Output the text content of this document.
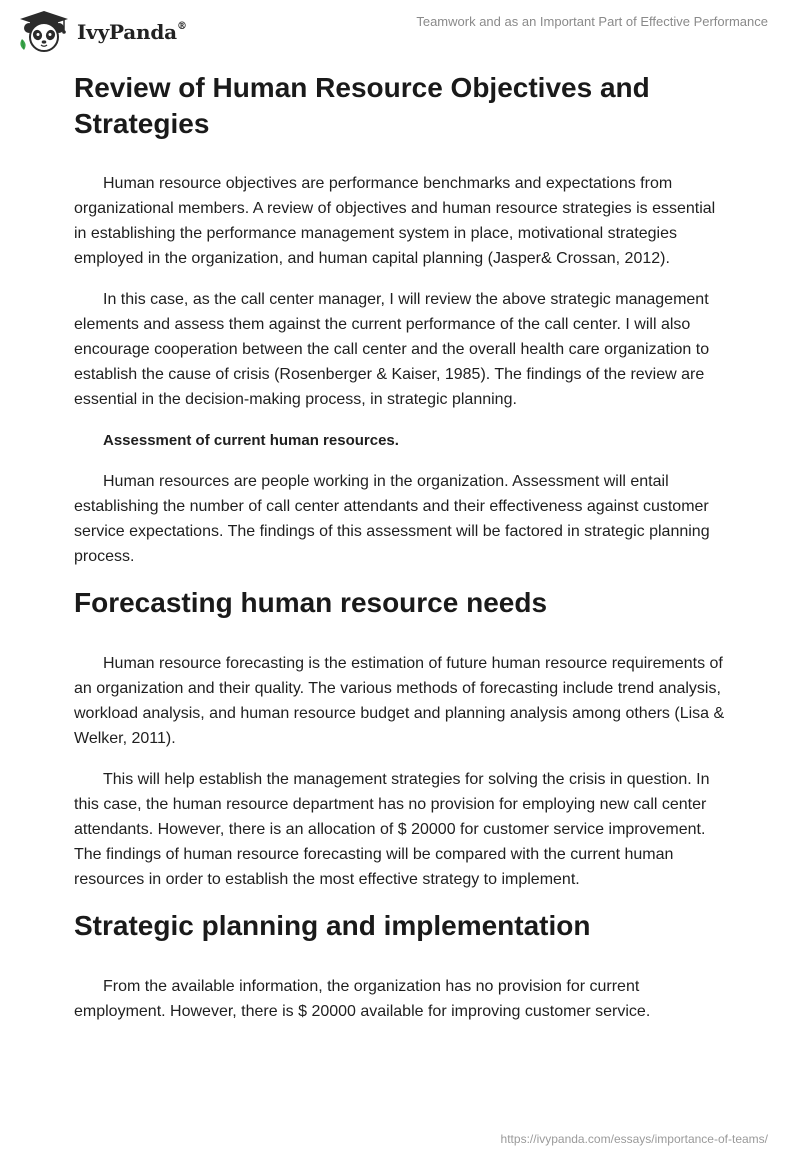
IvyPanda®	Teamwork and as an Important Part of Effective Performance
Review of Human Resource Objectives and Strategies

Human resource objectives are performance benchmarks and expectations from organizational members. A review of objectives and human resource strategies is essential in establishing the performance management system in place, motivational strategies employed in the organization, and human capital planning (Jasper& Crossan, 2012).

In this case, as the call center manager, I will review the above strategic management elements and assess them against the current performance of the call center. I will also encourage cooperation between the call center and the overall health care organization to establish the cause of crisis (Rosenberger & Kaiser, 1985). The findings of the review are essential in the decision-making process, in strategic planning.

Assessment of current human resources.

Human resources are people working in the organization. Assessment will entail establishing the number of call center attendants and their effectiveness against customer service expectations. The findings of this assessment will be factored in strategic planning process.

Forecasting human resource needs

Human resource forecasting is the estimation of future human resource requirements of an organization and their quality. The various methods of forecasting include trend analysis, workload analysis, and human resource budget and planning analysis among others (Lisa & Welker, 2011).

This will help establish the management strategies for solving the crisis in question. In this case, the human resource department has no provision for employing new call center attendants. However, there is an allocation of $ 20000 for customer service improvement. The findings of human resource forecasting will be compared with the current human resources in order to establish the most effective strategy to implement.

Strategic planning and implementation

From the available information, the organization has no provision for current employment. However, there is $ 20000 available for improving customer service.

https://ivypanda.com/essays/importance-of-teams/
